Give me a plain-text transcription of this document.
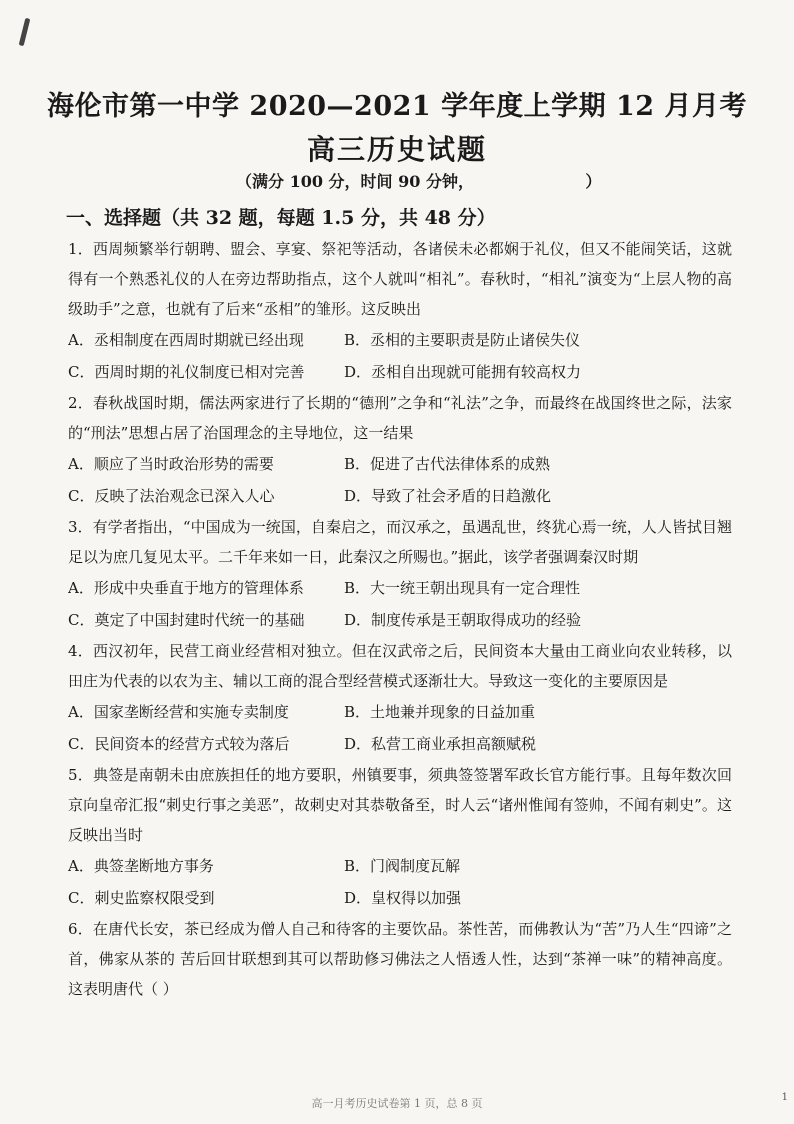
海伦市第一中学 2020—2021 学年度上学期 12 月月考
高三历史试题
（满分 100 分，时间 90 分钟，                    ）
一、选择题（共 32 题，每题 1.5 分，共 48 分）

1．西周频繁举行朝聘、盟会、享宴、祭祀等活动，各诸侯未必都娴于礼仪，但又不能闹笑话，这就得有一个熟悉礼仪的人在旁边帮助指点，这个人就叫“相礼”。春秋时，“相礼”演变为“上层人物的高级助手”之意，也就有了后来“丞相”的雏形。这反映出

A．丞相制度在西周时期就已经出现	B．丞相的主要职责是防止诸侯失仪
C．西周时期的礼仪制度已相对完善	D．丞相自出现就可能拥有较高权力

2．春秋战国时期，儒法两家进行了长期的“德刑”之争和“礼法”之争，而最终在战国终世之际，法家的“刑法”思想占居了治国理念的主导地位，这一结果

A．顺应了当时政治形势的需要	B．促进了古代法律体系的成熟
C．反映了法治观念已深入人心	D．导致了社会矛盾的日趋激化

3．有学者指出，“中国成为一统国，自秦启之，而汉承之，虽遇乱世，终犹心焉一统，人人皆拭目翘足以为庶几复见太平。二千年来如一日，此秦汉之所赐也。”据此，该学者强调秦汉时期

A．形成中央垂直于地方的管理体系	B．大一统王朝出现具有一定合理性
C．奠定了中国封建时代统一的基础	D．制度传承是王朝取得成功的经验

4．西汉初年，民营工商业经营相对独立。但在汉武帝之后，民间资本大量由工商业向农业转移，以田庄为代表的以农为主、辅以工商的混合型经营模式逐渐壮大。导致这一变化的主要原因是

A．国家垄断经营和实施专卖制度	B．土地兼并现象的日益加重
C．民间资本的经营方式较为落后	D．私营工商业承担高额赋税

5．典签是南朝未由庶族担任的地方要职，州镇要事，须典签签署军政长官方能行事。且每年数次回京向皇帝汇报“刺史行事之美恶”，故刺史对其恭敬备至，时人云“诸州惟闻有签帅，不闻有刺史”。这反映出当时

A．典签垄断地方事务	B．门阀制度瓦解
C．刺史监察权限受到	D．皇权得以加强

6．在唐代长安，茶已经成为僧人自己和待客的主要饮品。茶性苦，而佛教认为“苦”乃人生“四谛”之首，佛家从茶的 苦后回甘联想到其可以帮助修习佛法之人悟透人性，达到“茶禅一味”的精神高度。这表明唐代（ ）

高一月考历史试卷第 1 页，总 8 页	1
